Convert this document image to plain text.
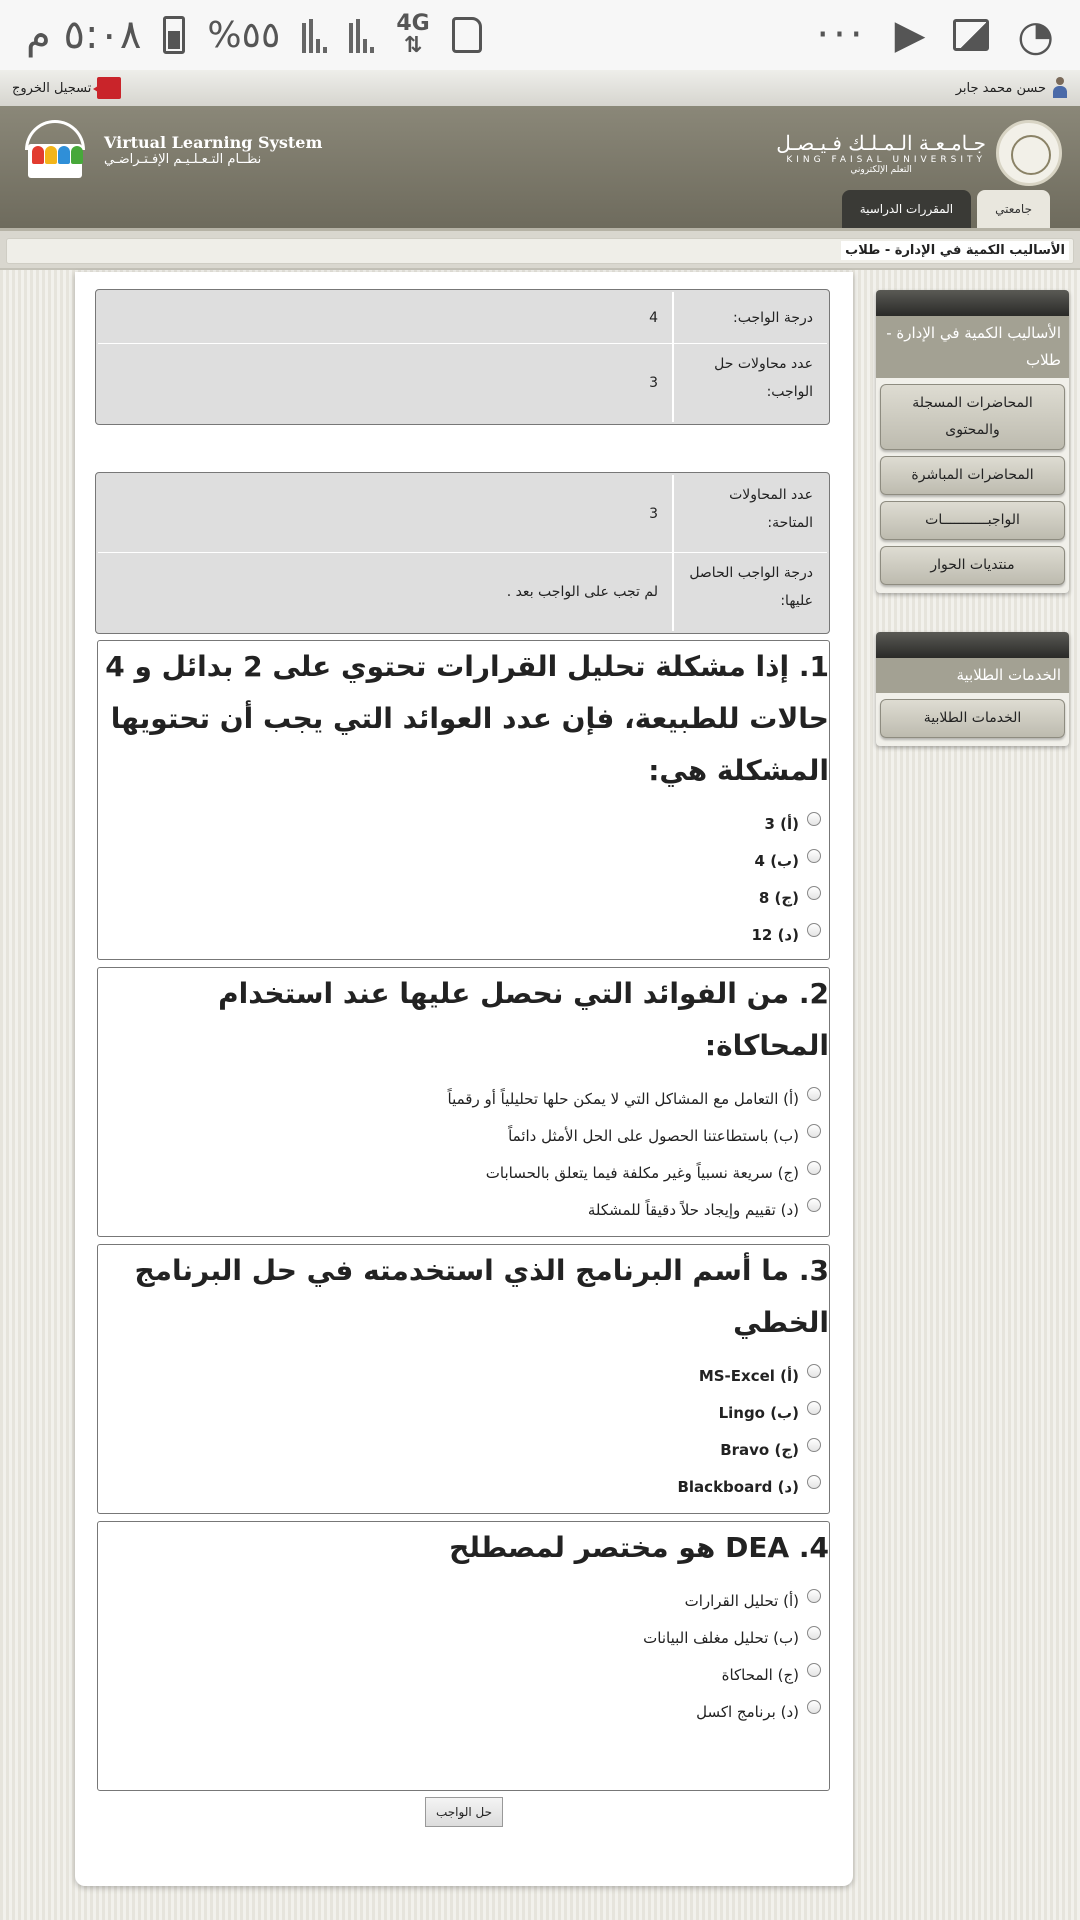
٥:٠٨ م %٥٥	4G
⇅	··· ▶ ◔
تسجيل الخروج	حسن محمد جابر
Virtual Learning System
نظــام التـعـلـيـم الإفـتـراضـي
جـامـعـة الـمـلـك فـيـصـل
KING FAISAL UNIVERSITY
التعلم الإلكتروني
جامعتي
المقررات الدراسية
الأساليب الكمية في الإدارة - طلاب
درجة الواجب:
4
عدد محاولات حل الواجب:
3
عدد المحاولات المتاحة:
3
درجة الواجب الحاصل عليها:
لم تجب على الواجب بعد .
1. إذا مشكلة تحليل القرارات تحتوي على 2 بدائل و 4 حالات للطبيعة، فإن عدد العوائد التي يجب أن تحتويها المشكلة هي:
(أ) 3
(ب) 4
(ج) 8
(د) 12
2. من الفوائد التي نحصل عليها عند استخدام المحاكاة:
(أ) التعامل مع المشاكل التي لا يمكن حلها تحليلياً أو رقمياً
(ب) باستطاعتنا الحصول على الحل الأمثل دائماً
(ج) سريعة نسبياً وغير مكلفة فيما يتعلق بالحسابات
(د) تقييم وإيجاد حلاً دقيقاً للمشكلة
3. ما أسم البرنامج الذي استخدمته في حل البرنامج الخطي
(أ) MS-Excel
(ب) Lingo
(ج) Bravo
(د) Blackboard
4. DEA هو مختصر لمصطلح
(أ) تحليل القرارات
(ب) تحليل مغلف البيانات
(ج) المحاكاة
(د) برنامج اكسل
حل الواجب
الأساليب الكمية في الإدارة - طلاب
المحاضرات المسجلة والمحتوى
المحاضرات المباشرة
الواجبـــــــــــات
منتديات الحوار
الخدمات الطلابية
الخدمات الطلابية
